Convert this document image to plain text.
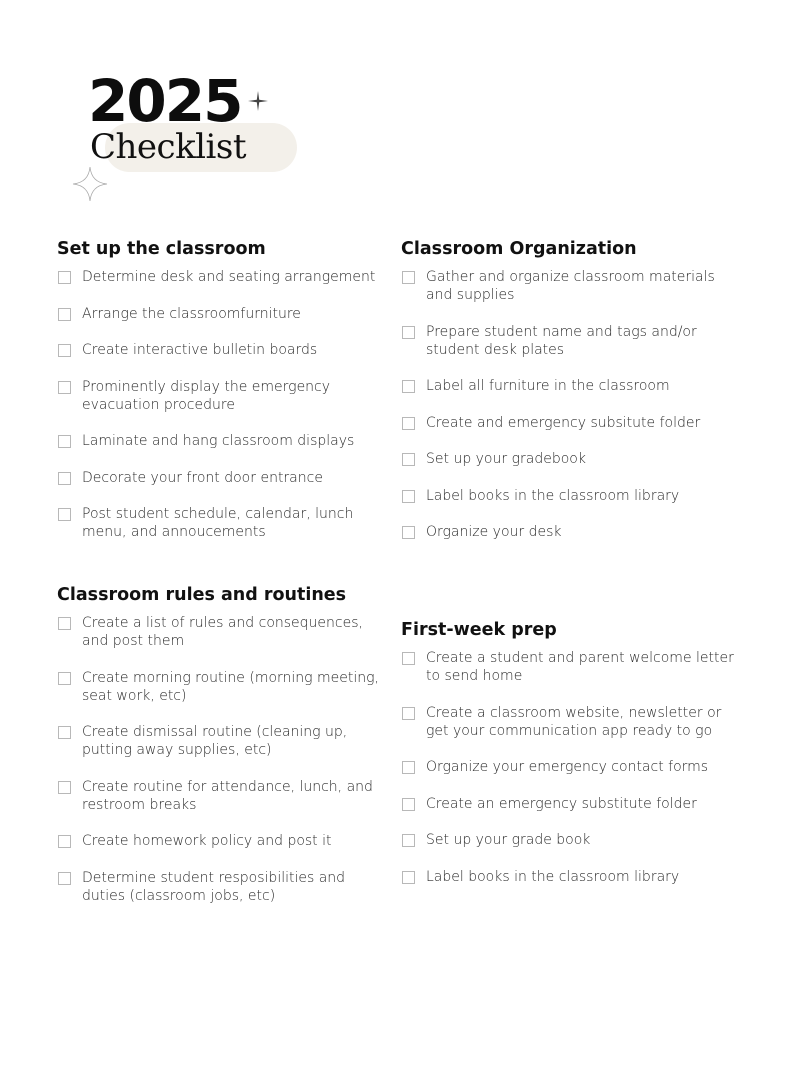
2025
Checklist
Set up the classroom
Determine desk and seating arrangement
Arrange the classroomfurniture
Create interactive bulletin boards
Prominently display the emergency evacuation procedure
Laminate and hang classroom displays
Decorate your front door entrance
Post student schedule, calendar, lunch menu, and annoucements
Classroom Organization
Gather and organize classroom materials and supplies
Prepare student name and tags and/or student desk plates
Label all furniture in the classroom
Create and emergency subsitute folder
Set up your gradebook
Label books in the classroom library
Organize your desk
Classroom rules and routines
Create a list of rules and consequences, and post them
Create morning routine (morning meeting, seat work, etc)
Create dismissal routine (cleaning up, putting away supplies, etc)
Create routine for attendance, lunch, and restroom breaks
Create homework policy and post it
Determine student resposibilities and duties (classroom jobs, etc)
First-week prep
Create a student and parent welcome letter to send home
Create a classroom website, newsletter or get your communication app ready to go
Organize your emergency contact forms
Create an emergency substitute folder
Set up your grade book
Label books in the classroom library
